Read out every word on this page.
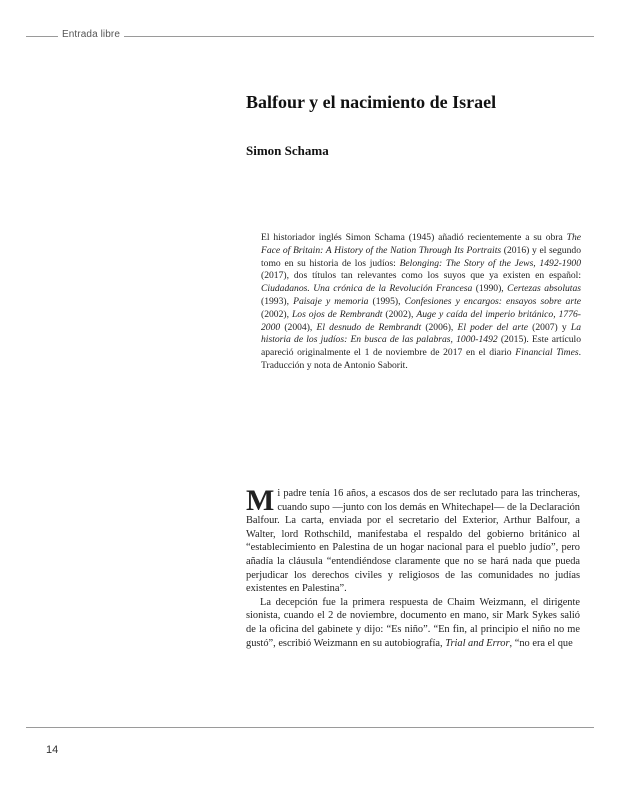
Entrada libre
Balfour y el nacimiento de Israel
Simon Schama

El historiador inglés Simon Schama (1945) añadió recientemente a su obra The Face of Britain: A History of the Nation Through Its Portraits (2016) y el segundo tomo en su historia de los judíos: Belonging: The Story of the Jews, 1492-1900 (2017), dos títulos tan relevantes como los suyos que ya existen en español: Ciudadanos. Una crónica de la Revolución Francesa (1990), Certezas absolutas (1993), Paisaje y memoria (1995), Confesiones y encargos: ensayos sobre arte (2002), Los ojos de Rembrandt (2002), Auge y caída del imperio británico, 1776-2000 (2004), El desnudo de Rembrandt (2006), El poder del arte (2007) y La historia de los judíos: En busca de las palabras, 1000-1492 (2015). Este artículo apareció originalmente el 1 de noviembre de 2017 en el diario Financial Times. Traducción y nota de Antonio Saborit.

Mi padre tenía 16 años, a escasos dos de ser reclutado para las trincheras, cuando supo —junto con los demás en Whitechapel— de la Declaración Balfour. La carta, enviada por el secretario del Exterior, Arthur Balfour, a Walter, lord Rothschild, manifestaba el respaldo del gobierno británico al “establecimiento en Palestina de un hogar nacional para el pueblo judío”, pero añadía la cláusula “entendiéndose claramente que no se hará nada que pueda perjudicar los derechos civiles y religiosos de las comunidades no judías existentes en Palestina”.

La decepción fue la primera respuesta de Chaim Weizmann, el dirigente sionista, cuando el 2 de noviembre, documento en mano, sir Mark Sykes salió de la oficina del gabinete y dijo: “Es niño”. “En fin, al principio el niño no me gustó”, escribió Weizmann en su autobiografía, Trial and Error, “no era el que

14
